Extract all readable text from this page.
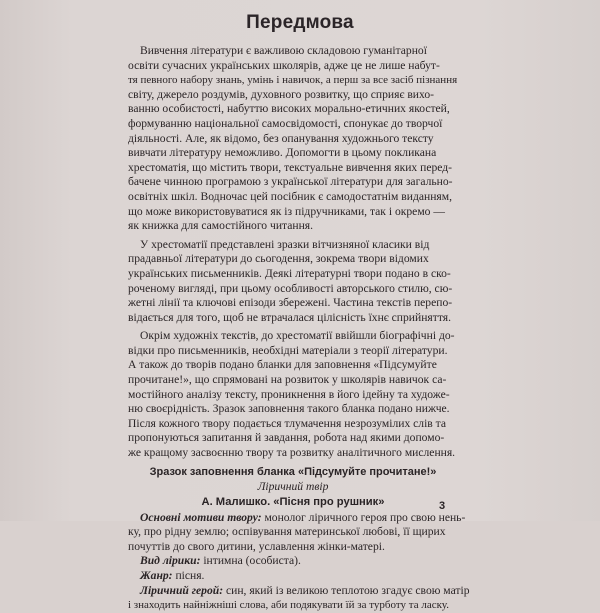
Передмова
Вивчення літератури є важливою складовою гуманітарної
освіти сучасних українських школярів, адже це не лише набут-
тя певного набору знань, умінь і навичок, а перш за все засіб пізнання
світу, джерело роздумів, духовного розвитку, що сприяє вихо-
ванню особистості, набуттю високих морально-етичних якостей,
формуванню національної самосвідомості, спонукає до творчої
діяльності. Але, як відомо, без опанування художнього тексту
вивчати літературу неможливо. Допомогти в цьому покликана
хрестоматія, що містить твори, текстуальне вивчення яких перед-
бачене чинною програмою з української літератури для загально-
освітніх шкіл. Водночас цей посібник є самодостатнім виданням,
що може використовуватися як із підручниками, так і окремо —
як книжка для самостійного читання.
У хрестоматії представлені зразки вітчизняної класики від
прадавньої літератури до сьогодення, зокрема твори відомих
українських письменників. Деякі літературні твори подано в ско-
роченому вигляді, при цьому особливості авторського стилю, сю-
жетні лінії та ключові епізоди збережені. Частина текстів перепо-
відається для того, щоб не втрачалася цілісність їхнє сприйняття.
Окрім художніх текстів, до хрестоматії ввійшли біографічні до-
відки про письменників, необхідні матеріали з теорії літератури.
А також до творів подано бланки для заповнення «Підсумуйте
прочитане!», що спрямовані на розвиток у школярів навичок са-
мостійного аналізу тексту, проникнення в його ідейну та художе-
ню своєрідність. Зразок заповнення такого бланка подано нижче.
Після кожного твору подається тлумачення незрозумілих слів та
пропонуються запитання й завдання, робота над якими допомо-
же кращому засвоєнню твору та розвитку аналітичного мислення.
Зразок заповнення бланка «Підсумуйте прочитане!»
Ліричний твір
А. Малишко. «Пісня про рушник»
Основні мотиви твору: монолог ліричного героя про свою нень-
ку, про рідну землю; оспівування материнської любові, її щирих
почуттів до свого дитини, уславлення жінки-матері.
Вид лірики: інтимна (особиста).
Жанр: пісня.
Ліричний герой: син, який із великою теплотою згадує свою матір
і знаходить найніжніші слова, аби подякувати їй за турботу та ласку.
3
